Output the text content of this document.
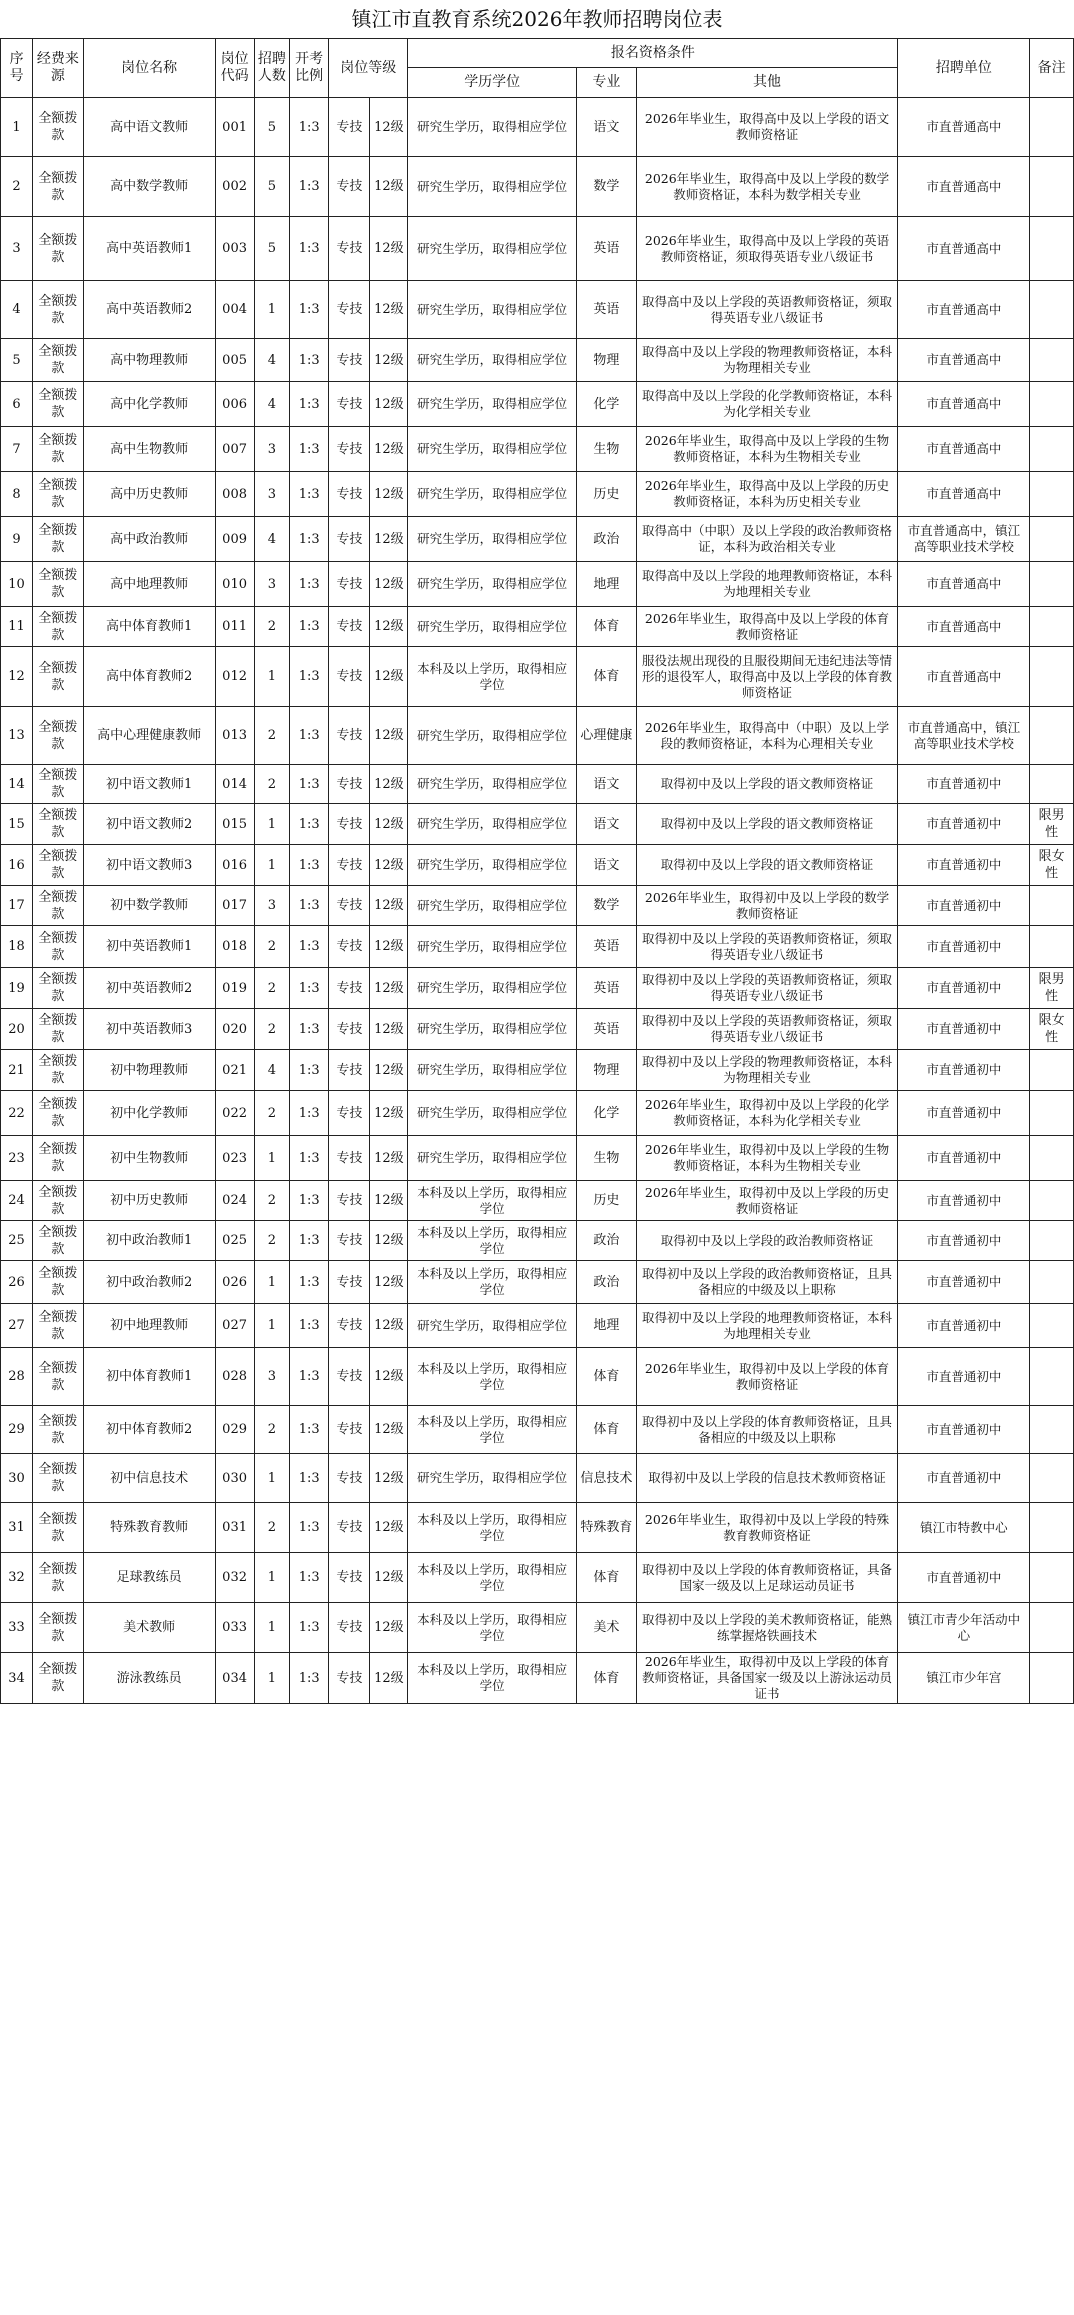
镇江市直教育系统2026年教师招聘岗位表
序号	经费来源	岗位名称	岗位代码	招聘人数	开考比例	岗位等级		报名资格条件			招聘单位	备注
								学历学位	专业	其他		
1	全额拨款	高中语文教师	001	5	1:3	专技	12级	研究生学历，取得相应学位	语文	2026年毕业生，取得高中及以上学段的语文教师资格证	市直普通高中	
2	全额拨款	高中数学教师	002	5	1:3	专技	12级	研究生学历，取得相应学位	数学	2026年毕业生，取得高中及以上学段的数学教师资格证，本科为数学相关专业	市直普通高中	
3	全额拨款	高中英语教师1	003	5	1:3	专技	12级	研究生学历，取得相应学位	英语	2026年毕业生，取得高中及以上学段的英语教师资格证，须取得英语专业八级证书	市直普通高中	
4	全额拨款	高中英语教师2	004	1	1:3	专技	12级	研究生学历，取得相应学位	英语	取得高中及以上学段的英语教师资格证，须取得英语专业八级证书	市直普通高中	
5	全额拨款	高中物理教师	005	4	1:3	专技	12级	研究生学历，取得相应学位	物理	取得高中及以上学段的物理教师资格证，本科为物理相关专业	市直普通高中	
6	全额拨款	高中化学教师	006	4	1:3	专技	12级	研究生学历，取得相应学位	化学	取得高中及以上学段的化学教师资格证，本科为化学相关专业	市直普通高中	
7	全额拨款	高中生物教师	007	3	1:3	专技	12级	研究生学历，取得相应学位	生物	2026年毕业生，取得高中及以上学段的生物教师资格证，本科为生物相关专业	市直普通高中	
8	全额拨款	高中历史教师	008	3	1:3	专技	12级	研究生学历，取得相应学位	历史	2026年毕业生，取得高中及以上学段的历史教师资格证，本科为历史相关专业	市直普通高中	
9	全额拨款	高中政治教师	009	4	1:3	专技	12级	研究生学历，取得相应学位	政治	取得高中（中职）及以上学段的政治教师资格证，本科为政治相关专业	市直普通高中，镇江高等职业技术学校	
10	全额拨款	高中地理教师	010	3	1:3	专技	12级	研究生学历，取得相应学位	地理	取得高中及以上学段的地理教师资格证，本科为地理相关专业	市直普通高中	
11	全额拨款	高中体育教师1	011	2	1:3	专技	12级	研究生学历，取得相应学位	体育	2026年毕业生，取得高中及以上学段的体育教师资格证	市直普通高中	
12	全额拨款	高中体育教师2	012	1	1:3	专技	12级	本科及以上学历，取得相应学位	体育	服役法规出现役的且服役期间无违纪违法等情形的退役军人，取得高中及以上学段的体育教师资格证	市直普通高中	
13	全额拨款	高中心理健康教师	013	2	1:3	专技	12级	研究生学历，取得相应学位	心理健康	2026年毕业生，取得高中（中职）及以上学段的教师资格证，本科为心理相关专业	市直普通高中，镇江高等职业技术学校	
14	全额拨款	初中语文教师1	014	2	1:3	专技	12级	研究生学历，取得相应学位	语文	取得初中及以上学段的语文教师资格证	市直普通初中	
15	全额拨款	初中语文教师2	015	1	1:3	专技	12级	研究生学历，取得相应学位	语文	取得初中及以上学段的语文教师资格证	市直普通初中	限男性
16	全额拨款	初中语文教师3	016	1	1:3	专技	12级	研究生学历，取得相应学位	语文	取得初中及以上学段的语文教师资格证	市直普通初中	限女性
17	全额拨款	初中数学教师	017	3	1:3	专技	12级	研究生学历，取得相应学位	数学	2026年毕业生，取得初中及以上学段的数学教师资格证	市直普通初中	
18	全额拨款	初中英语教师1	018	2	1:3	专技	12级	研究生学历，取得相应学位	英语	取得初中及以上学段的英语教师资格证，须取得英语专业八级证书	市直普通初中	
19	全额拨款	初中英语教师2	019	2	1:3	专技	12级	研究生学历，取得相应学位	英语	取得初中及以上学段的英语教师资格证，须取得英语专业八级证书	市直普通初中	限男性
20	全额拨款	初中英语教师3	020	2	1:3	专技	12级	研究生学历，取得相应学位	英语	取得初中及以上学段的英语教师资格证，须取得英语专业八级证书	市直普通初中	限女性
21	全额拨款	初中物理教师	021	4	1:3	专技	12级	研究生学历，取得相应学位	物理	取得初中及以上学段的物理教师资格证，本科为物理相关专业	市直普通初中	
22	全额拨款	初中化学教师	022	2	1:3	专技	12级	研究生学历，取得相应学位	化学	2026年毕业生，取得初中及以上学段的化学教师资格证，本科为化学相关专业	市直普通初中	
23	全额拨款	初中生物教师	023	1	1:3	专技	12级	研究生学历，取得相应学位	生物	2026年毕业生，取得初中及以上学段的生物教师资格证，本科为生物相关专业	市直普通初中	
24	全额拨款	初中历史教师	024	2	1:3	专技	12级	本科及以上学历，取得相应学位	历史	2026年毕业生，取得初中及以上学段的历史教师资格证	市直普通初中	
25	全额拨款	初中政治教师1	025	2	1:3	专技	12级	本科及以上学历，取得相应学位	政治	取得初中及以上学段的政治教师资格证	市直普通初中	
26	全额拨款	初中政治教师2	026	1	1:3	专技	12级	本科及以上学历，取得相应学位	政治	取得初中及以上学段的政治教师资格证，且具备相应的中级及以上职称	市直普通初中	
27	全额拨款	初中地理教师	027	1	1:3	专技	12级	研究生学历，取得相应学位	地理	取得初中及以上学段的地理教师资格证，本科为地理相关专业	市直普通初中	
28	全额拨款	初中体育教师1	028	3	1:3	专技	12级	本科及以上学历，取得相应学位	体育	2026年毕业生，取得初中及以上学段的体育教师资格证	市直普通初中	
29	全额拨款	初中体育教师2	029	2	1:3	专技	12级	本科及以上学历，取得相应学位	体育	取得初中及以上学段的体育教师资格证，且具备相应的中级及以上职称	市直普通初中	
30	全额拨款	初中信息技术	030	1	1:3	专技	12级	研究生学历，取得相应学位	信息技术	取得初中及以上学段的信息技术教师资格证	市直普通初中	
31	全额拨款	特殊教育教师	031	2	1:3	专技	12级	本科及以上学历，取得相应学位	特殊教育	2026年毕业生，取得初中及以上学段的特殊教育教师资格证	镇江市特教中心	
32	全额拨款	足球教练员	032	1	1:3	专技	12级	本科及以上学历，取得相应学位	体育	取得初中及以上学段的体育教师资格证，具备国家一级及以上足球运动员证书	市直普通初中	
33	全额拨款	美术教师	033	1	1:3	专技	12级	本科及以上学历，取得相应学位	美术	取得初中及以上学段的美术教师资格证，能熟练掌握烙铁画技术	镇江市青少年活动中心	
34	全额拨款	游泳教练员	034	1	1:3	专技	12级	本科及以上学历，取得相应学位	体育	2026年毕业生，取得初中及以上学段的体育教师资格证，具备国家一级及以上游泳运动员证书	镇江市少年宫	
